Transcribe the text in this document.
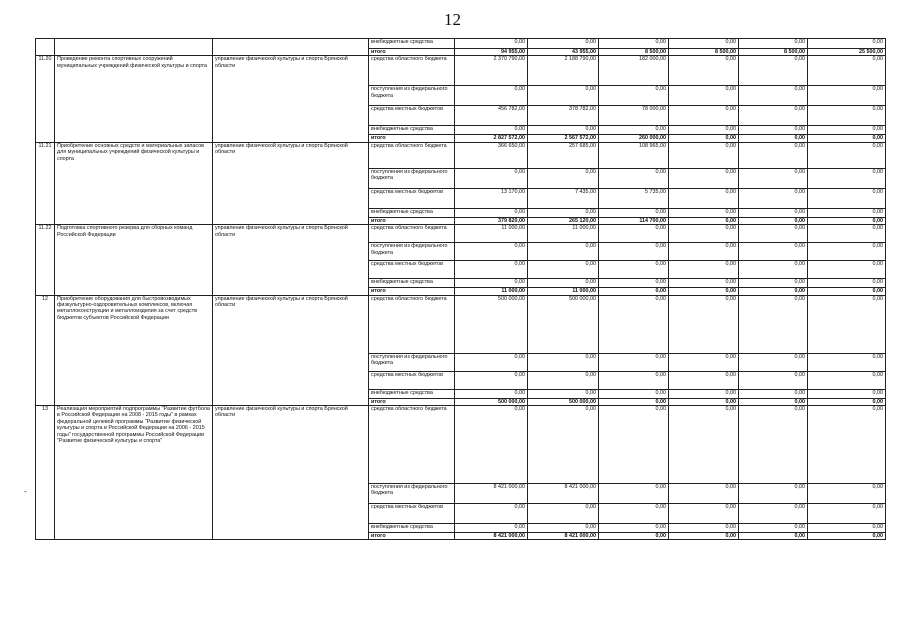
12
			внебюджетные средства	0,00	0,00	0,00	0,00	0,00	0,00
			итого	94 955,00	43 955,00	8 500,00	8 500,00	8 500,00	25 500,00
11.20	Проведение ремонта спортивных сооружений муниципальных учреждений физической культуры и спорта	управление физической культуры и спорта Брянской области	средства областного бюджета	2 370 790,00	2 188 790,00	182 000,00	0,00	0,00	0,00
			поступления из федерального бюджета	0,00	0,00	0,00	0,00	0,00	0,00
			средства местных бюджетов	456 782,00	378 782,00	78 000,00	0,00	0,00	0,00
			внебюджетные средства	0,00	0,00	0,00	0,00	0,00	0,00
			итого	2 827 572,00	2 567 572,00	260 000,00	0,00	0,00	0,00
11.21	Приобретение основных средств и материальных запасов для муниципальных учреждений физической культуры и спорта	управление физической культуры и спорта Брянской области	средства областного бюджета	366 650,00	257 685,00	108 965,00	0,00	0,00	0,00
			поступления из федерального бюджета	0,00	0,00	0,00	0,00	0,00	0,00
			средства местных бюджетов	13 170,00	7 435,00	5 735,00	0,00	0,00	0,00
			внебюджетные средства	0,00	0,00	0,00	0,00	0,00	0,00
			итого	379 820,00	265 120,00	114 700,00	0,00	0,00	0,00
11.22	Подготовка спортивного резерва для сборных команд Российской Федерации	управление физической культуры и спорта Брянской области	средства областного бюджета	11 000,00	11 000,00	0,00	0,00	0,00	0,00
			поступления из федерального бюджета	0,00	0,00	0,00	0,00	0,00	0,00
			средства местных бюджетов	0,00	0,00	0,00	0,00	0,00	0,00
			внебюджетные средства	0,00	0,00	0,00	0,00	0,00	0,00
			итого	11 000,00	11 000,00	0,00	0,00	0,00	0,00
12	Приобретение оборудования для быстровозводимых физкультурно-оздоровительных комплексов, включая металлоконструкции и металлоизделия за счет средств бюджетов субъектов Российской Федерации	управление физической культуры и спорта Брянской области	средства областного бюджета	500 000,00	500 000,00	0,00	0,00	0,00	0,00
			поступления из федерального бюджета	0,00	0,00	0,00	0,00	0,00	0,00
			средства местных бюджетов	0,00	0,00	0,00	0,00	0,00	0,00
			внебюджетные средства	0,00	0,00	0,00	0,00	0,00	0,00
			итого	500 000,00	500 000,00	0,00	0,00	0,00	0,00
13	Реализация мероприятий подпрограммы "Развитие футбола в Российской Федерации на 2008 - 2015 годы" в рамках федеральной целевой программы "Развитие физической культуры и спорта в Российской Федерации на 2006 - 2015 годы" государственной программы Российской Федерации "Развитие физической культуры и спорта"	управление физической культуры и спорта Брянской области	средства областного бюджета	0,00	0,00	0,00	0,00	0,00	0,00
			поступления из федерального бюджета	8 421 000,00	8 421 000,00	0,00	0,00	0,00	0,00
			средства местных бюджетов	0,00	0,00	0,00	0,00	0,00	0,00
			внебюджетные средства	0,00	0,00	0,00	0,00	0,00	0,00
			итого	8 421 000,00	8 421 000,00	0,00	0,00	0,00	0,00
-
